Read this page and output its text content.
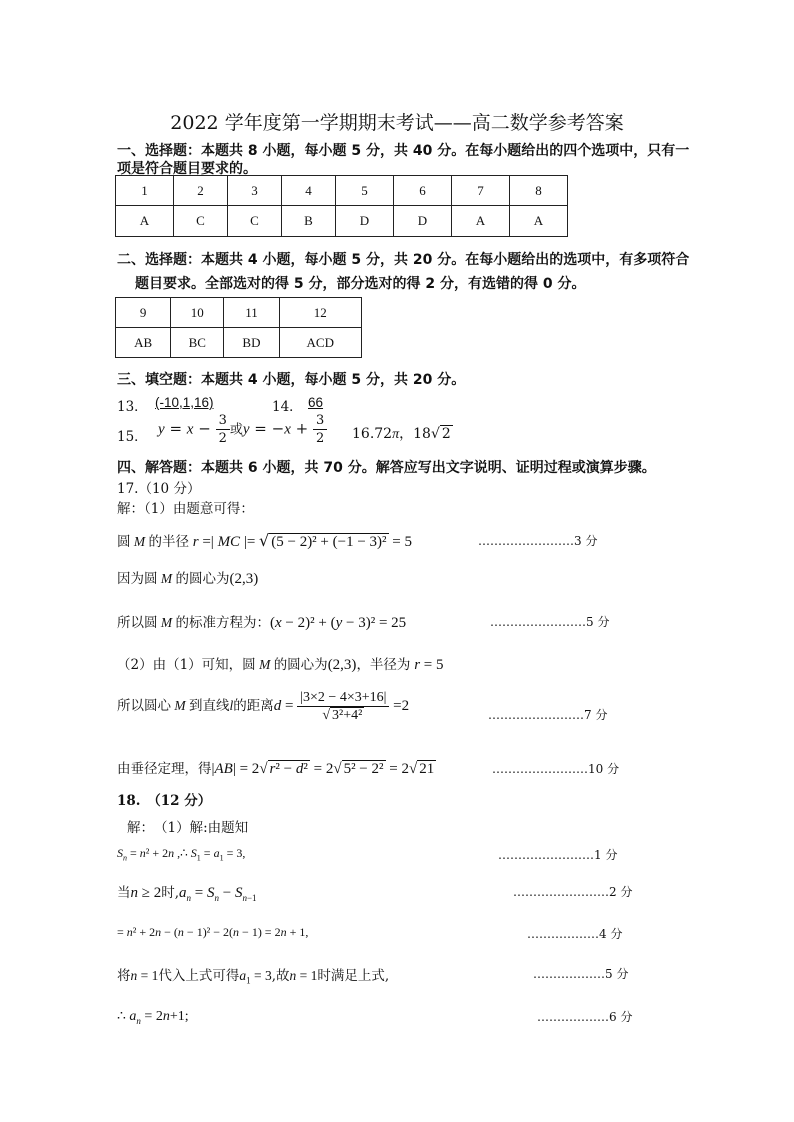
2022 学年度第一学期期末考试——高二数学参考答案
一、选择题：本题共 8 小题，每小题 5 分，共 40 分。在每小题给出的四个选项中，只有一
项是符合题目要求的。
1	2	3	4	5	6	7	8
A	C	C	B	D	D	A	A
二、选择题：本题共 4 小题，每小题 5 分，共 20 分。在每小题给出的选项中，有多项符合
题目要求。全部选对的得 5 分，部分选对的得 2 分，有选错的得 0 分。
9	10	11	12
AB	BC	BD	ACD
三、填空题：本题共 4 小题，每小题 5 分，共 20 分。
13． (-10,1,16)	14． 66
15． $y = x - \frac{3}{2}$ 或$y = -x + \frac{3}{2} 16.72\pi$，18√ 2
四、解答题：本题共 6 小题，共 70 分。解答应写出文字说明、证明过程或演算步骤。
17.（10 分）
解：（1）由题意可得：
圆 M 的半径 r =| MC |= √ (5 − 2)² + (−1 − 3)² = 5	……………………3 分
因为圆 M 的圆心为(2,3)
所以圆 M 的标准方程为：(x − 2)² + (y − 3)² = 25	……………………5 分
（2）由（1）可知，圆 M 的圆心为(2,3)，半径为 r = 5
所以圆心 M 到直线l的距离$d = \frac{|3\times 2 - 4\times 3+16|}{\text{√ 3²+4²}} =2$
……………………7 分
由垂径定理，得|AB| = 2√ r² − d² = 2√ 5² − 2² = 2√ 21	……………………10 分
18.　（12 分）
解：　（1）解:由题知
$S_n = n^2 + 2n$ ,∴ $S_1 = a_1 = 3$,	……………………1 分
当n ≥ 2时$,a_n = S_n - S_{n-1}$	……………………2 分
= n² + 2n − (n − 1)² − 2(n − 1) = 2n + 1,	………………4 分
将n = 1代入上式可得$a_1 = 3$,故n = 1时满足上式,	………………5 分
∴ $a_n = 2n+1$;	………………6 分
